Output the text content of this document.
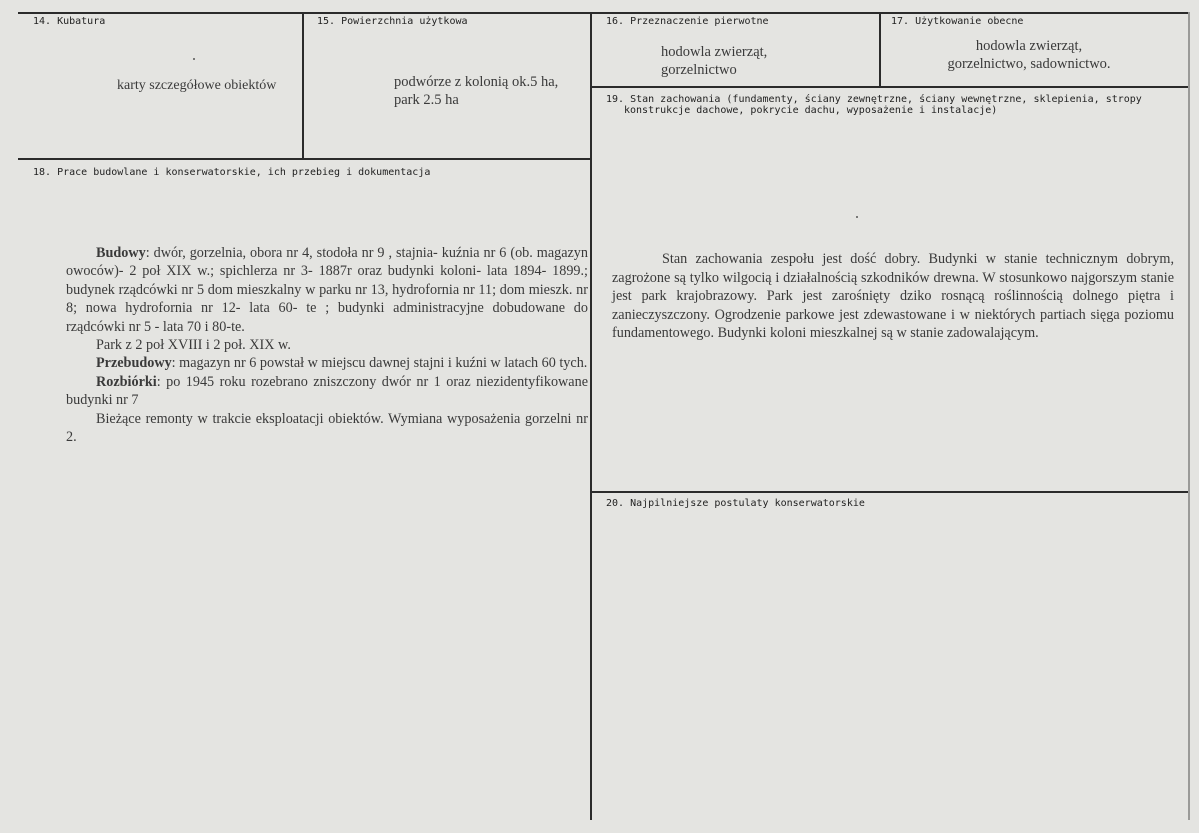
14. Kubatura
karty szczegółowe obiektów
15. Powierzchnia użytkowa
podwórze z kolonią ok.5 ha,
park 2.5 ha
16. Przeznaczenie pierwotne
hodowla zwierząt,
gorzelnictwo
17. Użytkowanie obecne
hodowla zwierząt,
gorzelnictwo, sadownictwo.
18. Prace budowlane i konserwatorskie, ich przebieg i dokumentacja

Budowy: dwór, gorzelnia, obora nr 4, stodoła nr 9 , stajnia- kuźnia nr 6 (ob. magazyn owoców)- 2 poł XIX w.; spichlerza nr 3- 1887r oraz budynki koloni- lata 1894- 1899.; budynek rządcówki nr 5 dom mieszkalny w parku nr 13, hydrofornia nr 11; dom mieszk. nr 8; nowa hydrofornia nr 12- lata 60- te ; budynki administracyjne dobudowane do rządcówki nr 5 - lata 70 i 80-te.

Park z 2 poł XVIII i 2 poł. XIX w.

Przebudowy: magazyn nr 6 powstał w miejscu dawnej stajni i kuźni w latach 60 tych.

Rozbiórki: po 1945 roku rozebrano zniszczony dwór nr 1 oraz niezidentyfikowane budynki nr 7

Bieżące remonty w trakcie eksploatacji obiektów. Wymiana wyposażenia gorzelni nr 2.

19. Stan zachowania (fundamenty, ściany zewnętrzne, ściany wewnętrzne, sklepienia, stropy
konstrukcje dachowe, pokrycie dachu, wyposażenie i instalacje)

Stan zachowania zespołu jest dość dobry. Budynki w stanie technicznym dobrym, zagrożone są tylko wilgocią i działalnością szkodników drewna. W stosunkowo najgorszym stanie jest park krajobrazowy. Park jest zarośnięty dziko rosnącą roślinnością dolnego piętra i zanieczyszczony. Ogrodzenie parkowe jest zdewastowane i w niektórych partiach sięga poziomu fundamentowego. Budynki koloni mieszkalnej są w stanie zadowalającym.

20. Najpilniejsze postulaty konserwatorskie
